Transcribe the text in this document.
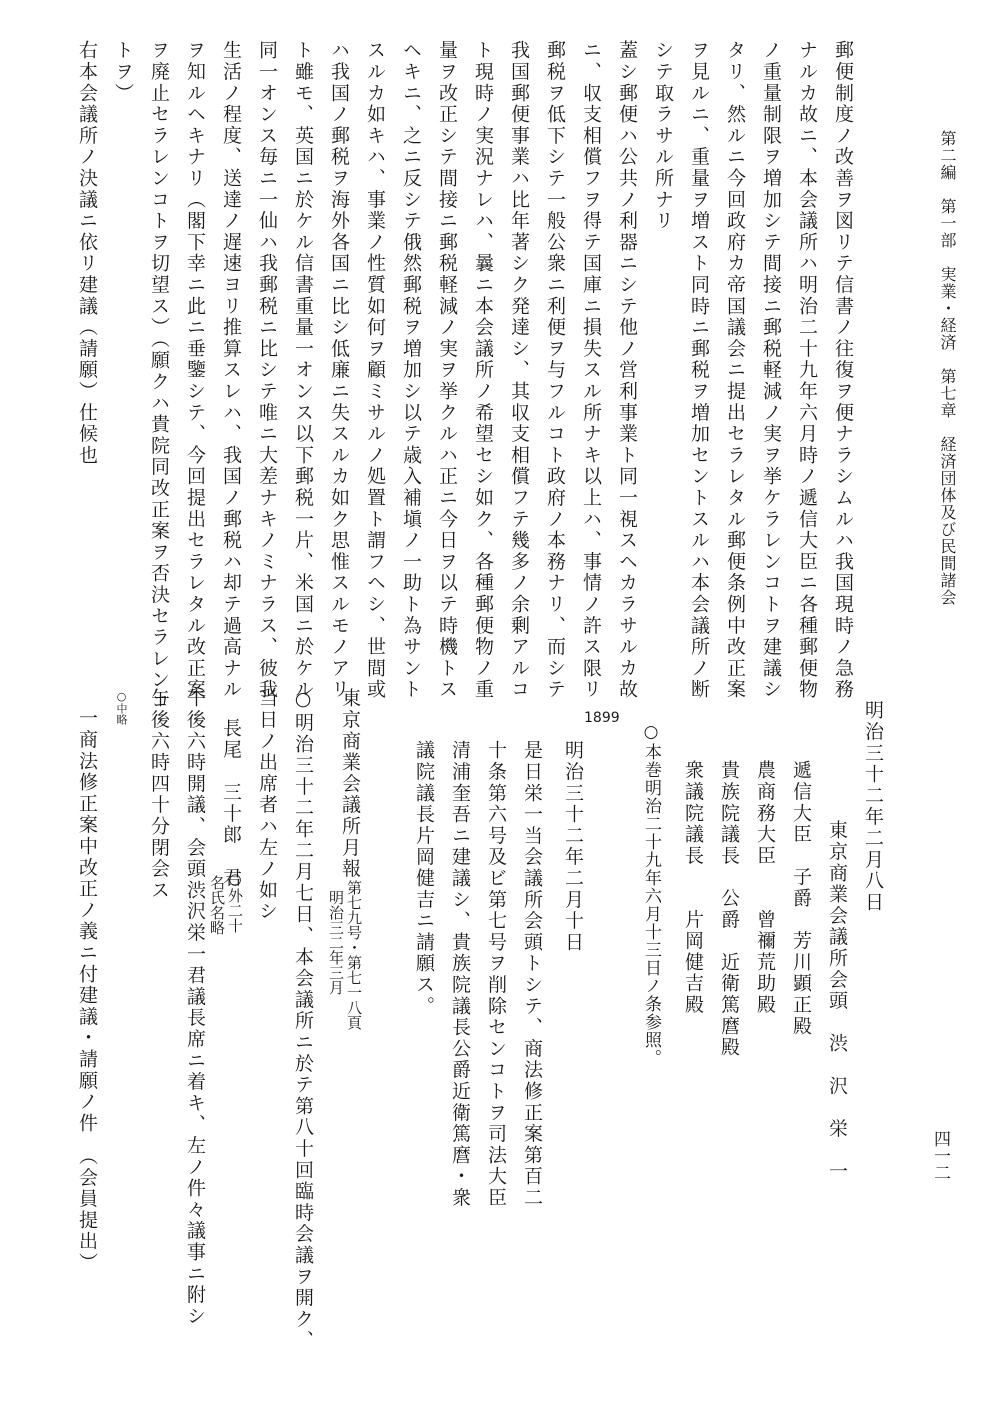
第二編　第一部　実業・経済　第七章　経済団体及び民間諸会
四一二
郵便制度ノ改善ヲ図リテ信書ノ往復ヲ便ナラシムルハ我国現時ノ急務
ナルカ故ニ、本会議所ハ明治二十九年六月時ノ遞信大臣ニ各種郵便物
ノ重量制限ヲ増加シテ間接ニ郵税軽減ノ実ヲ挙ケラレンコトヲ建議シ
タリ、然ルニ今回政府カ帝国議会ニ提出セラレタル郵便条例中改正案
ヲ見ルニ、重量ヲ増スト同時ニ郵税ヲ増加セントスルハ本会議所ノ断
シテ取ラサル所ナリ
蓋シ郵便ハ公共ノ利器ニシテ他ノ営利事業ト同一視スヘカラサルカ故
ニ、収支相償フヲ得テ国庫ニ損失スル所ナキ以上ハ、事情ノ許ス限リ
郵税ヲ低下シテ一般公衆ニ利便ヲ与フルコト政府ノ本務ナリ、而シテ
我国郵便事業ハ比年著シク発達シ、其収支相償フテ幾多ノ余剰アルコ
ト現時ノ実況ナレハ、曩ニ本会議所ノ希望セシ如ク、各種郵便物ノ重
量ヲ改正シテ間接ニ郵税軽減ノ実ヲ挙クルハ正ニ今日ヲ以テ時機トス
ヘキニ、之ニ反シテ俄然郵税ヲ増加シ以テ歳入補塡ノ一助ト為サント
スルカ如キハ、事業ノ性質如何ヲ顧ミサルノ処置ト謂フヘシ、世間或
ハ我国ノ郵税ヲ海外各国ニ比シ低廉ニ失スルカ如ク思惟スルモノアリ
ト雖モ、英国ニ於ケル信書重量一オンス以下郵税一片、米国ニ於ケル
同一オンス毎ニ一仙ハ我郵税ニ比シテ唯ニ大差ナキノミナラス、彼我
生活ノ程度、送達ノ遅速ヨリ推算スレハ、我国ノ郵税ハ却テ過高ナル
ヲ知ルヘキナリ（閣下幸ニ此ニ垂鑒シテ、今回提出セラレタル改正案
ヲ廃止セラレンコトヲ切望ス）（願クハ貴院同改正案ヲ否決セラレンコ
トヲ）
右本会議所ノ決議ニ依リ建議（請願）仕候也
明治三十二年二月八日
東京商業会議所会頭　渋　沢　栄　一
遞信大臣　子爵　芳川顕正殿
農商務大臣　　曾禰荒助殿
貴族院議長　公爵　近衛篤麿殿
衆議院議長　　片岡健吉殿
○本巻明治二十九年六月十三日ノ条参照。
1899
明治三十二年二月十日
是日栄一当会議所会頭トシテ、商法修正案第百二
十条第六号及ビ第七号ヲ削除センコトヲ司法大臣
清浦奎吾ニ建議シ、貴族院議長公爵近衛篤麿・衆
議院議長片岡健吉ニ請願ス。
東京商業会議所月報
第七九号・第七一八頁
明治三二年三月
○明治三十二年二月七日、本会議所ニ於テ第八十回臨時会議ヲ開ク、
当日ノ出席者ハ左ノ如シ
長尾　三十郎　君
○外二十
名氏名略
午後六時開議、会頭渋沢栄一君議長席ニ着キ、左ノ件々議事ニ附シ
午後六時四十分閉会ス
○中略
一商法修正案中改正ノ義ニ付建議・請願ノ件　（会員提出）
